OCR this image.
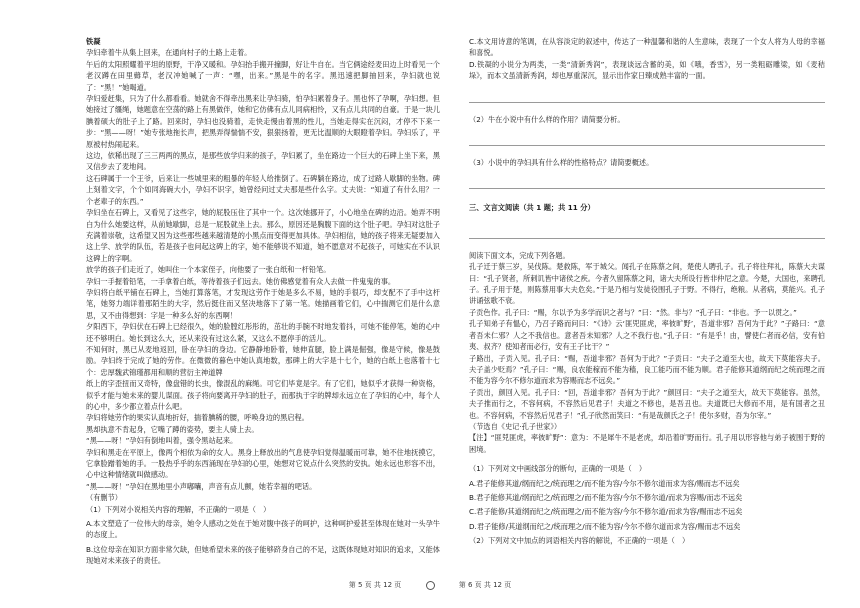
铁凝

孕妇牵着牛从集上回来，在通向村子的土路上走着。

午后的太阳照耀着平坦的原野，干净又暖和。孕妇抬手搬开撞脚，好让牛自在。当它俩途经麦田边上时看见一个老汉蹲在田里薅草，老汉冲她喊了一声：“嘿，出来。”黑是牛的名字。黑迅速把脚抽回来，孕妇就也说了：“黑！”她喝道。

孕妇爱赶集，只为了什么都看看。她就舍不得牵出黑来让孕妇骑，怕孕妇累着身子。黑也怀了孕啊，孕妇想。但她接过了缰绳，她题意在空荡的路上有黑做伴，她和它仿佛有点儿同病相怜，又有点儿共同的自豪。于是一块儿腆着硕大的肚子上了路。回来时，孕妇也没骑着，走快走慢由着黑的性儿，当她走得实在沉闷，才停不下来一步：“黑——呀！”她专张地拖长声，把黑弄得惴惴不安，狠狠扬着，更无比温顺的大眼瞪着孕妇。孕妇乐了，平原被村热闹起来。

这边，依稀出现了三三两两的黑点，是那些放学归来的孩子，孕妇累了，坐在路边一个巨大的石碑上坐下来，黑又信步去了麦地间。

这石碑属于一个王爷，后来让一些城里来的粗暴的年轻人给推倒了。石碑躺在路边，成了过路人歇脚的坐物。碑上刻着文字，个个如同海碗大小，孕妇不识字，她曾经问过丈夫那是些什么字。丈夫说：“知道了有什么用？一个老辈子的东西。”

孕妇坐在石碑上，又看见了这些字，她的屁股压住了其中一个。这次她挪开了，小心地坐在碑的边沿。她弄不明白为什么她要这样，从前她歇脚，总是一屁股就坐上去。那么，原因还是胸腹下面的这个肚子吧。孕妇对这肚子充满着崇敬，这希望又因为这些那些越来越清楚的小黑点而变得更加具体。孕妇相信，她的孩子将来无疑要加入这上学、放学的队伍，若是孩子也问起这碑上的字，她不能够说不知道，她不愿意对不起孩子，可她实在不认识这碑上的字啊。

放学的孩子们走近了，她叫住一个本家侄子，向他要了一张白纸和一杆铅笔。

孕妇一手握着铅笔，一手拿着白纸，等待着孩子们远去。她仿佛感觉着有众人去做一件鬼鬼的事。

孕妇将白纸平铺在石碑上，当她打算落笔，才发现这劳作于她是多么不易，她的手很巧，却支配不了手中这杆笔，她努力端详着那陌生的大字，然后挺住而又坚决地落下了第一笔。她描画着它们，心中揣测它们是什么意思，又不由得想到：字是一种多么好的东西啊！

夕阳西下，孕妇伏在石碑上已经很久，她的脸膛红彤彤的，茁壮的手腕不时地发着抖，可她不能停笔，她的心中还不够明白。她长到这么大，还从来没有过这么紧，又这么不愿停手的活儿。

不知何时，黑已从麦地返回，卧在孕妇的身边。它静静地卧着，她伸直腿，脸上满是倔强，像是守候，像是鼓励。孕妇终于完成了她的劳作。在微微的暮色中她认真地数，那碑上的大字是十七个，她的白纸上也落着十七个：忠厚魏武锦瑾都用和顺的营衍主神道牌

纸上的字歪扭而又奇特，像盘错的长虫，像混乱的麻绳。可它们毕竟是字。有了它们，她似乎才获得一种资格，似乎才能与她未来的婴儿谋面。孩子将向要离开孕妇的肚子，而那执于字的牌却永远立在了孕妇的心中，每个人的心中，多少都立着点什么吧。

孕妇将她劳作的果实认真地折好，揣着腆稀的腰，呼唤身边的黑启程。

黑却执意不肯起身，它嘴了蹲的姿势，要主人骑上去。

“黑——呀！”孕妇有倒地叫着，强令黑站起来。

孕妇和黑走在平原上，像两个相依为命的女人。黑身上释放出的气息使孕妇觉得温暖而可靠，她不住地抚摸它，它拿脸蹭着她的手。一股热乎乎的东西涌现在孕妇的心里，她想对它说点什么突然的安执。她永远也形容不出，心中这种情绪就叫做感动。

“黑——呀！”孕妇在黑地里小声嘟囔，声音有点儿颤，她若幸福的吧话。

（有删节）

（1）下列对小说相关内容的理解，不正确的一项是（　）

A.本文塑造了一位伟大的母亲，她令人感动之处在于她对腹中孩子的呵护，这种呵护爱甚至体现在她对一头孕牛的态度上。

B.这位母亲在知识方面非常欠缺，但她希望未来的孩子能够跻身自己的不足，这既体现她对知识的追求，又能体现她对未来孩子的责任。

C.本文用诗意的笔调，在从容淡定的叙述中，传达了一种温馨和谐的人生意味，表现了一个女人将为人母的幸福和喜悦。

D.铁凝的小说分为两类，一类“清新秀润”，表现谈远含蓄的美，如《哦，香雪》，另一类粗砺雕梁，如《麦秸垛》，而本文虽清新秀润，却也厚重深沉，显示出作家日臻成熟丰富的一面。

（2）牛在小说中有什么样的作用？请简要分析。

（3）小说中的孕妇具有什么样的性格特点？请简要概述。

三、文言文阅读（共 1 题；共 11 分）

阅读下面文本，完成下列各题。

孔子迁于蔡三岁，吴伐陈。楚救陈，军于城父。闻孔子在陈蔡之间，楚使人聘孔子。孔子将往拜礼，陈蔡大夫谋曰：“孔子贤者，所刺讥皆中诸侯之疾。今者久留陈蔡之间，诸大夫所设行皆非仲尼之意。今楚，大国也，来聘孔子。孔子用于楚，则陈蔡用事大夫危矣。”于是乃相与发徒役围孔子于野。不得行，绝粮。从者病，莫能兴。孔子讲诵弦歌不衰。

子贡色作。孔子曰：“赐，尔以予为多学而识之者与？”曰：“然。非与？”孔子曰：“非也。予一以贯之。”

孔子知弟子有愠心，乃召子路而问曰：“《诗》云‘匪兕匪虎，率彼旷野’，吾道非邪？吾何为于此？”子路曰：“意者吾未仁邪？人之不我信也。意者吾未知邪？人之不我行也。”孔子曰：“有是乎！由，譬使仁者而必信，安有伯夷、叔齐？使知者而必行，安有王子比干？”

子路出，子贡入见。孔子曰：“赐，吾道非邪？吾何为于此？”子贡曰：“夫子之道至大也，故天下莫能容夫子。夫子盖少贬焉？”孔子曰：“赐，良农能稼而不能为穑，良工能巧而不能为顺。君子能修其道纲而纪之统而理之而不能为容今尔不修尔道而求为容赐而志不远矣。”

子贡出，颜回入见。孔子曰：“回，吾道非邪？吾何为于此？”颜回曰：“夫子之道至大，故天下莫能容。虽然，夫子推而行之，不容何病，不容然后见君子！夫道之不修也，是吾丑也。夫道既已大修而不用，是有国者之丑也。不容何病，不容然后见君子！”孔子欣然而笑曰：“有是哉颜氏之子！使尔多财，吾为尔宰。”

（节选自《史记·孔子世家》）

【注】“匪兕匪虎，率彼旷野”：意为：不是犀牛不是老虎，却沿着旷野而行。孔子用以形容他与弟子被围于野的困境。

（1）下列对文中画线部分的断句，正确的一项是（　）

A.君子能修其道/纲而纪之/统而理之/而不能为容/今尔不修尔道而求为容/赐而志不远矣

B.君子能修其道/纲而纪之/统而理之/而不能为容/今尔不修尔道/而求为容赐/而志不远矣

C.君子能修/其道纲而纪之/统而理之/而不能为容/今尔不修尔道/而求为容/赐而志不远矣

D.君子能修/其道纲而纪之/统而理之/而不能为容/今尔不修尔道而求为容/赐而志不远矣

（2）下列对文中加点的词语相关内容的解说，不正确的一项是（　）

第 5 页 共 12 页	第 6 页 共 12 页
